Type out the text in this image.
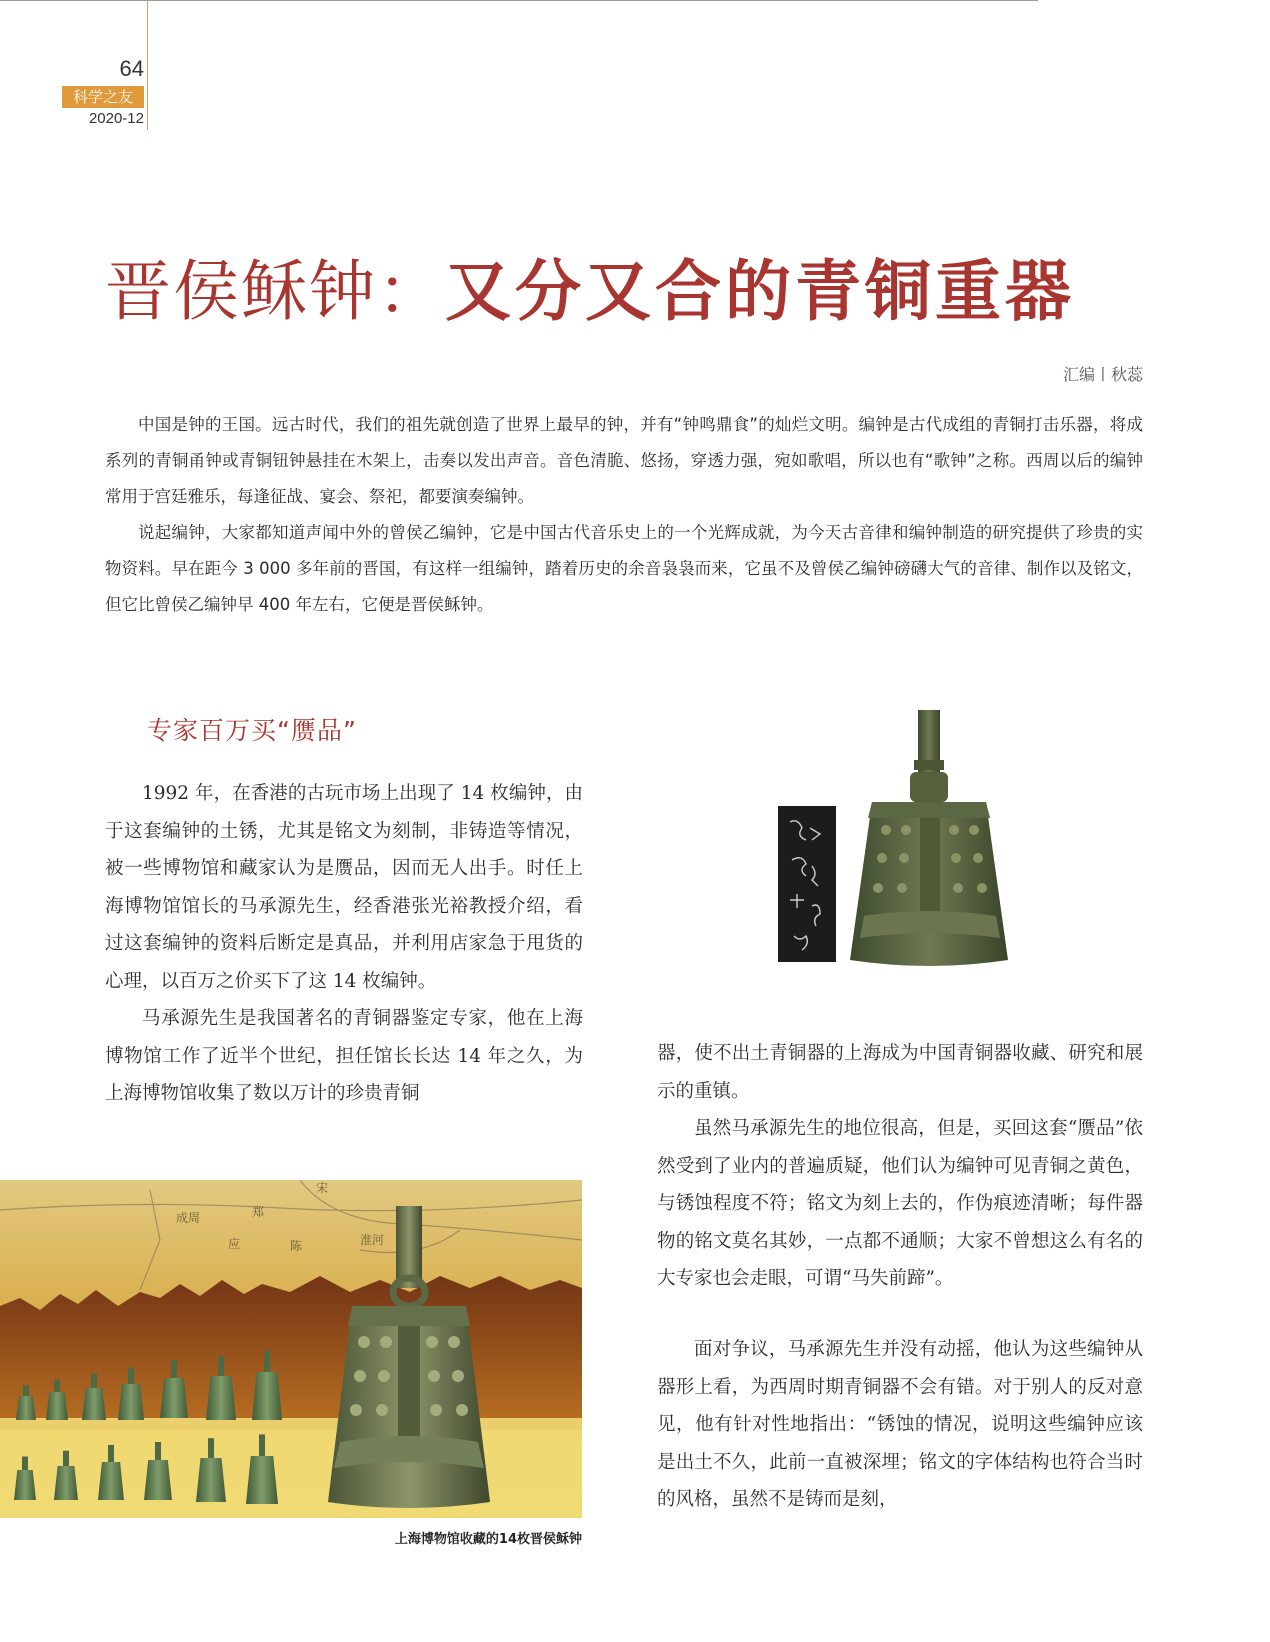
64
科学之友
2020-12
晋侯稣钟：又分又合的青铜重器
汇编丨秋蕊

中国是钟的王国。远古时代，我们的祖先就创造了世界上最早的钟，并有“钟鸣鼎食”的灿烂文明。编钟是古代成组的青铜打击乐器，将成系列的青铜甬钟或青铜钮钟悬挂在木架上，击奏以发出声音。音色清脆、悠扬，穿透力强，宛如歌唱，所以也有“歌钟”之称。西周以后的编钟常用于宫廷雅乐，每逢征战、宴会、祭祀，都要演奏编钟。

说起编钟，大家都知道声闻中外的曾侯乙编钟，它是中国古代音乐史上的一个光辉成就，为今天古音律和编钟制造的研究提供了珍贵的实物资料。早在距今 3 000 多年前的晋国，有这样一组编钟，踏着历史的余音袅袅而来，它虽不及曾侯乙编钟磅礴大气的音律、制作以及铭文，但它比曾侯乙编钟早 400 年左右，它便是晋侯稣钟。

专家百万买“赝品”

1992 年，在香港的古玩市场上出现了 14 枚编钟，由于这套编钟的土锈，尤其是铭文为刻制，非铸造等情况，被一些博物馆和藏家认为是赝品，因而无人出手。时任上海博物馆馆长的马承源先生，经香港张光裕教授介绍，看过这套编钟的资料后断定是真品，并利用店家急于甩货的心理，以百万之价买下了这 14 枚编钟。

马承源先生是我国著名的青铜器鉴定专家，他在上海博物馆工作了近半个世纪，担任馆长长达 14 年之久，为上海博物馆收集了数以万计的珍贵青铜

器，使不出土青铜器的上海成为中国青铜器收藏、研究和展示的重镇。

虽然马承源先生的地位很高，但是，买回这套“赝品”依然受到了业内的普遍质疑，他们认为编钟可见青铜之黄色，与锈蚀程度不符；铭文为刻上去的，作伪痕迹清晰；每件器物的铭文莫名其妙，一点都不通顺；大家不曾想这么有名的大专家也会走眼，可谓“马失前蹄”。

面对争议，马承源先生并没有动摇，他认为这些编钟从器形上看，为西周时期青铜器不会有错。对于别人的反对意见，他有针对性地指出：“锈蚀的情况，说明这些编钟应该是出土不久，此前一直被深埋；铭文的字体结构也符合当时的风格，虽然不是铸而是刻，

成周	郑
应	陈
宋
淮河
上海博物馆收藏的14枚晋侯稣钟
